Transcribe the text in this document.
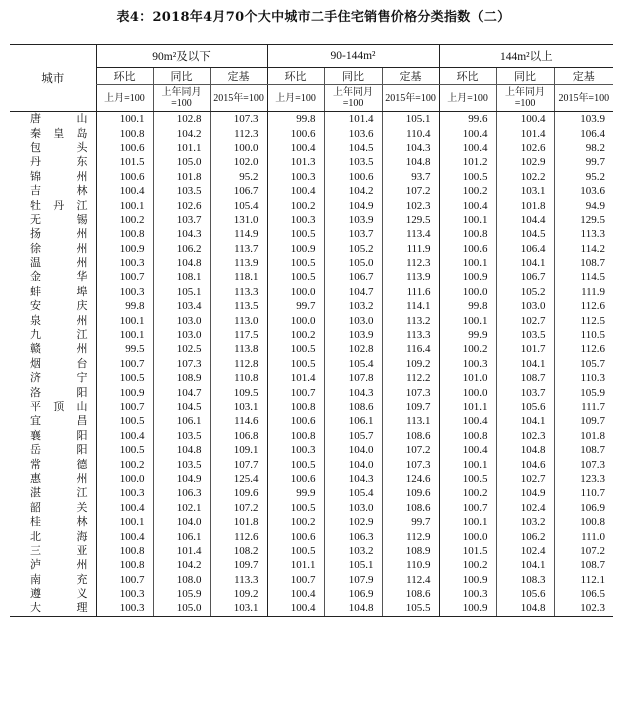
表4：2018年4月70个大中城市二手住宅销售价格分类指数（二）
城市	90m²及以下			90-144m²			144m²以上		
	环比	同比	定基	环比	同比	定基	环比	同比	定基
	上月=100	上年同月=100	2015年=100	上月=100	上年同月=100	2015年=100	上月=100	上年同月=100	2015年=100
唐山	100.1	102.8	107.3	99.8	101.4	105.1	99.6	100.4	103.9
秦皇岛	100.8	104.2	112.3	100.6	103.6	110.4	100.4	101.4	106.4
包头	100.6	101.1	100.0	100.4	104.5	104.3	100.4	102.6	98.2
丹东	101.5	105.0	102.0	101.3	103.5	104.8	101.2	102.9	99.7
锦州	100.6	101.8	95.2	100.3	100.6	93.7	100.5	102.2	95.2
吉林	100.4	103.5	106.7	100.4	104.2	107.2	100.2	103.1	103.6
牡丹江	100.1	102.6	105.4	100.2	104.9	102.3	100.4	101.8	94.9
无锡	100.2	103.7	131.0	100.3	103.9	129.5	100.1	104.4	129.5
扬州	100.8	104.3	114.9	100.5	103.7	113.4	100.8	104.5	113.3
徐州	100.9	106.2	113.7	100.9	105.2	111.9	100.6	106.4	114.2
温州	100.3	104.8	113.9	100.5	105.0	112.3	100.1	104.1	108.7
金华	100.7	108.1	118.1	100.5	106.7	113.9	100.9	106.7	114.5
蚌埠	100.3	105.1	113.3	100.0	104.7	111.6	100.0	105.2	111.9
安庆	99.8	103.4	113.5	99.7	103.2	114.1	99.8	103.0	112.6
泉州	100.1	103.0	113.0	100.0	103.0	113.2	100.1	102.7	112.5
九江	100.1	103.0	117.5	100.2	103.9	113.3	99.9	103.5	110.5
赣州	99.5	102.5	113.8	100.5	102.8	116.4	100.2	101.7	112.6
烟台	100.7	107.3	112.8	100.5	105.4	109.2	100.3	104.1	105.7
济宁	100.5	108.9	110.8	101.4	107.8	112.2	101.0	108.7	110.3
洛阳	100.9	104.7	109.5	100.7	104.3	107.3	100.0	103.7	105.9
平顶山	100.7	104.5	103.1	100.8	108.6	109.7	101.1	105.6	111.7
宜昌	100.5	106.1	114.6	100.6	106.1	113.1	100.4	104.1	109.7
襄阳	100.4	103.5	106.8	100.8	105.7	108.6	100.8	102.3	101.8
岳阳	100.5	104.8	109.1	100.3	104.0	107.2	100.4	104.8	108.7
常德	100.2	103.5	107.7	100.5	104.0	107.3	100.1	104.6	107.3
惠州	100.0	104.9	125.4	100.6	104.3	124.6	100.5	102.7	123.3
湛江	100.3	106.3	109.6	99.9	105.4	109.6	100.2	104.9	110.7
韶关	100.4	102.1	107.2	100.5	103.0	108.6	100.7	102.4	106.9
桂林	100.1	104.0	101.8	100.2	102.9	99.7	100.1	103.2	100.8
北海	100.4	106.1	112.6	100.6	106.3	112.9	100.0	106.2	111.0
三亚	100.8	101.4	108.2	100.5	103.2	108.9	101.5	102.4	107.2
泸州	100.8	104.2	109.7	101.1	105.1	110.9	100.2	104.1	108.7
南充	100.7	108.0	113.3	100.7	107.9	112.4	100.9	108.3	112.1
遵义	100.3	105.9	109.2	100.4	106.9	108.6	100.3	105.6	106.5
大理	100.3	105.0	103.1	100.4	104.8	105.5	100.9	104.8	102.3
